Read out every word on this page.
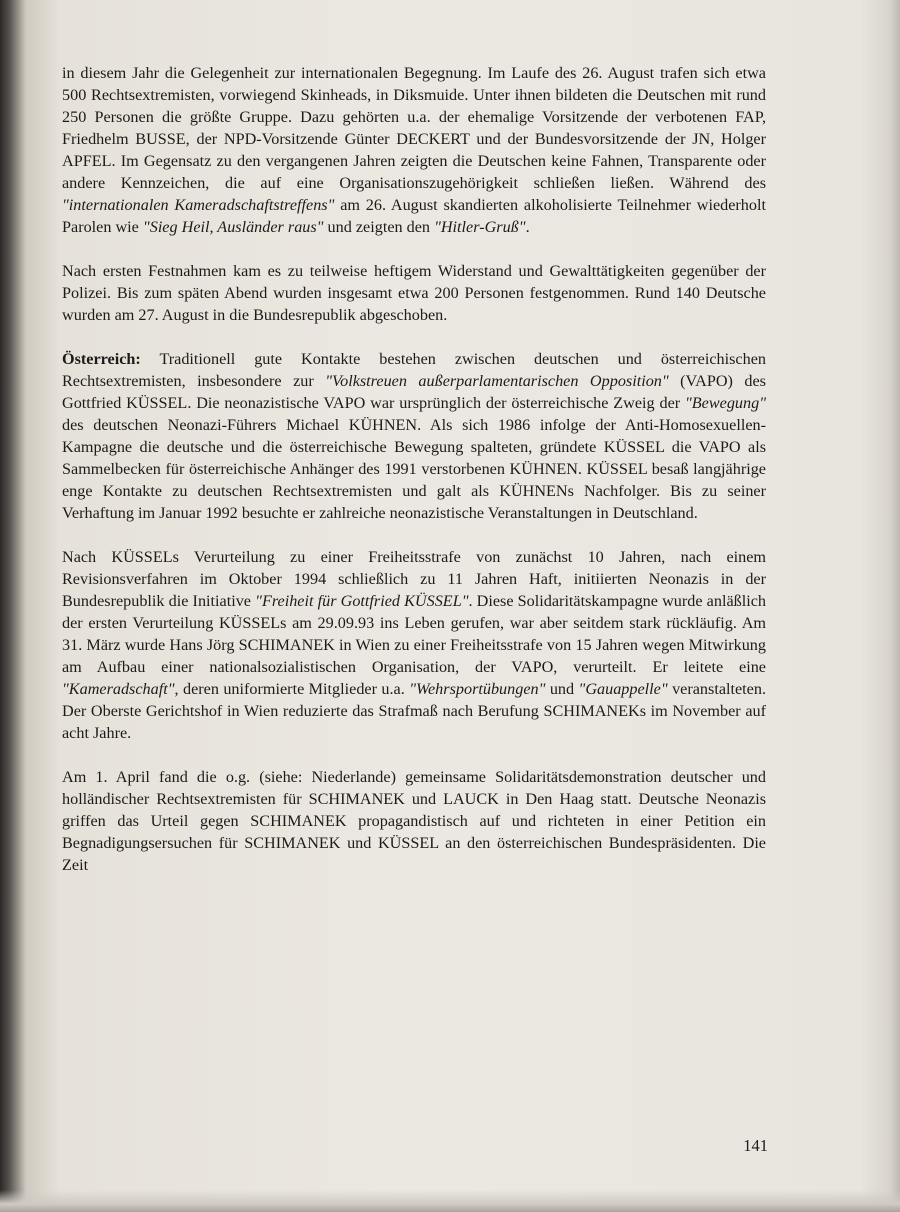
in diesem Jahr die Gelegenheit zur internationalen Begegnung. Im Laufe des 26. August trafen sich etwa 500 Rechtsextremisten, vorwiegend Skinheads, in Diksmuide. Unter ihnen bildeten die Deutschen mit rund 250 Personen die größte Gruppe. Dazu gehörten u.a. der ehemalige Vorsitzende der verbotenen FAP, Friedhelm BUSSE, der NPD-Vorsitzende Günter DECKERT und der Bundesvorsitzende der JN, Holger APFEL. Im Gegensatz zu den vergangenen Jahren zeigten die Deutschen keine Fahnen, Transparente oder andere Kennzeichen, die auf eine Organisationszugehörigkeit schließen ließen. Während des "internationalen Kameradschaftstreffens" am 26. August skandierten alkoholisierte Teilnehmer wiederholt Parolen wie "Sieg Heil, Ausländer raus" und zeigten den "Hitler-Gruß".

Nach ersten Festnahmen kam es zu teilweise heftigem Widerstand und Gewalttätigkeiten gegenüber der Polizei. Bis zum späten Abend wurden insgesamt etwa 200 Personen festgenommen. Rund 140 Deutsche wurden am 27. August in die Bundesrepublik abgeschoben.

Österreich: Traditionell gute Kontakte bestehen zwischen deutschen und österreichischen Rechtsextremisten, insbesondere zur "Volkstreuen außerparlamentarischen Opposition" (VAPO) des Gottfried KÜSSEL. Die neonazistische VAPO war ursprünglich der österreichische Zweig der "Bewegung" des deutschen Neonazi-Führers Michael KÜHNEN. Als sich 1986 infolge der Anti-Homosexuellen-Kampagne die deutsche und die österreichische Bewegung spalteten, gründete KÜSSEL die VAPO als Sammelbecken für österreichische Anhänger des 1991 verstorbenen KÜHNEN. KÜSSEL besaß langjährige enge Kontakte zu deutschen Rechtsextremisten und galt als KÜHNENs Nachfolger. Bis zu seiner Verhaftung im Januar 1992 besuchte er zahlreiche neonazistische Veranstaltungen in Deutschland.

Nach KÜSSELs Verurteilung zu einer Freiheitsstrafe von zunächst 10 Jahren, nach einem Revisionsverfahren im Oktober 1994 schließlich zu 11 Jahren Haft, initiierten Neonazis in der Bundesrepublik die Initiative "Freiheit für Gottfried KÜSSEL". Diese Solidaritätskampagne wurde anläßlich der ersten Verurteilung KÜSSELs am 29.09.93 ins Leben gerufen, war aber seitdem stark rückläufig. Am 31. März wurde Hans Jörg SCHIMANEK in Wien zu einer Freiheitsstrafe von 15 Jahren wegen Mitwirkung am Aufbau einer nationalsozialistischen Organisation, der VAPO, verurteilt. Er leitete eine "Kameradschaft", deren uniformierte Mitglieder u.a. "Wehrsportübungen" und "Gauappelle" veranstalteten. Der Oberste Gerichtshof in Wien reduzierte das Strafmaß nach Berufung SCHIMANEKs im November auf acht Jahre.

Am 1. April fand die o.g. (siehe: Niederlande) gemeinsame Solidaritätsdemonstration deutscher und holländischer Rechtsextremisten für SCHIMANEK und LAUCK in Den Haag statt. Deutsche Neonazis griffen das Urteil gegen SCHIMANEK propagandistisch auf und richteten in einer Petition ein Begnadigungsersuchen für SCHIMANEK und KÜSSEL an den österreichischen Bundespräsidenten. Die Zeit

141
